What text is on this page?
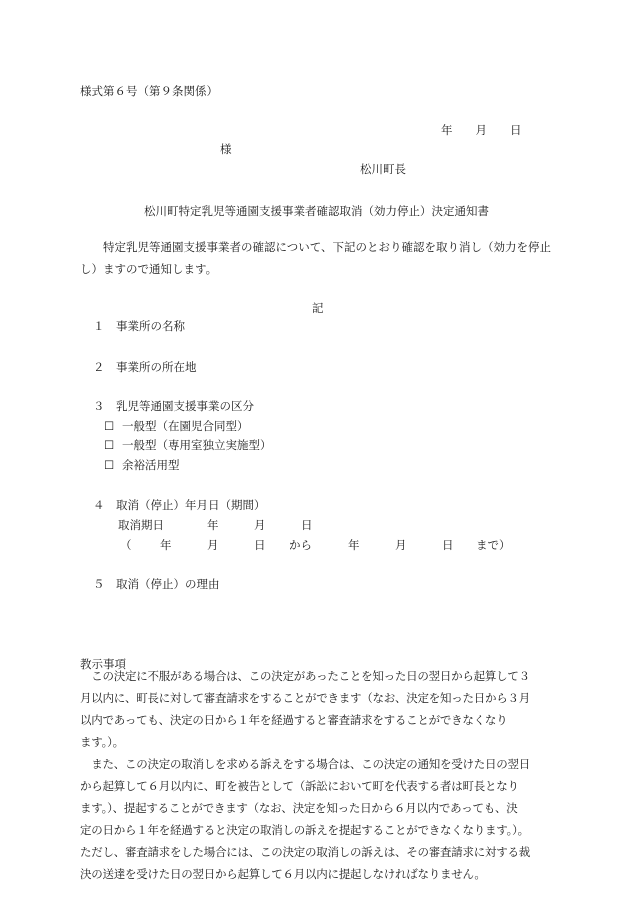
様式第６号（第９条関係）
年　　月　　日
様
松川町長
松川町特定乳児等通園支援事業者確認取消（効力停止）決定通知書
　　特定乳児等通園支援事業者の確認について、下記のとおり確認を取り消し（効力を停止
し）ますので通知します。
記
１　事業所の名称
２　事業所の所在地
３　乳児等通園支援事業の区分
☐ 一般型（在園児合同型）
☐ 一般型（専用室独立実施型）
☐ 余裕活用型
４　取消（停止）年月日（期間）
取消期日	年	月	日
（ 年	月	日 から	年	月	日 まで）
５　取消（停止）の理由
教示事項
　この決定に不服がある場合は、この決定があったことを知った日の翌日から起算して３
月以内に、町長に対して審査請求をすることができます（なお、決定を知った日から３月
以内であっても、決定の日から１年を経過すると審査請求をすることができなくなり
ます。）。
　また、この決定の取消しを求める訴えをする場合は、この決定の通知を受けた日の翌日
から起算して６月以内に、町を被告として（訴訟において町を代表する者は町長となり
ます。）、提起することができます（なお、決定を知った日から６月以内であっても、決
定の日から１年を経過すると決定の取消しの訴えを提起することができなくなります。）。
ただし、審査請求をした場合には、この決定の取消しの訴えは、その審査請求に対する裁
決の送達を受けた日の翌日から起算して６月以内に提起しなければなりません。
